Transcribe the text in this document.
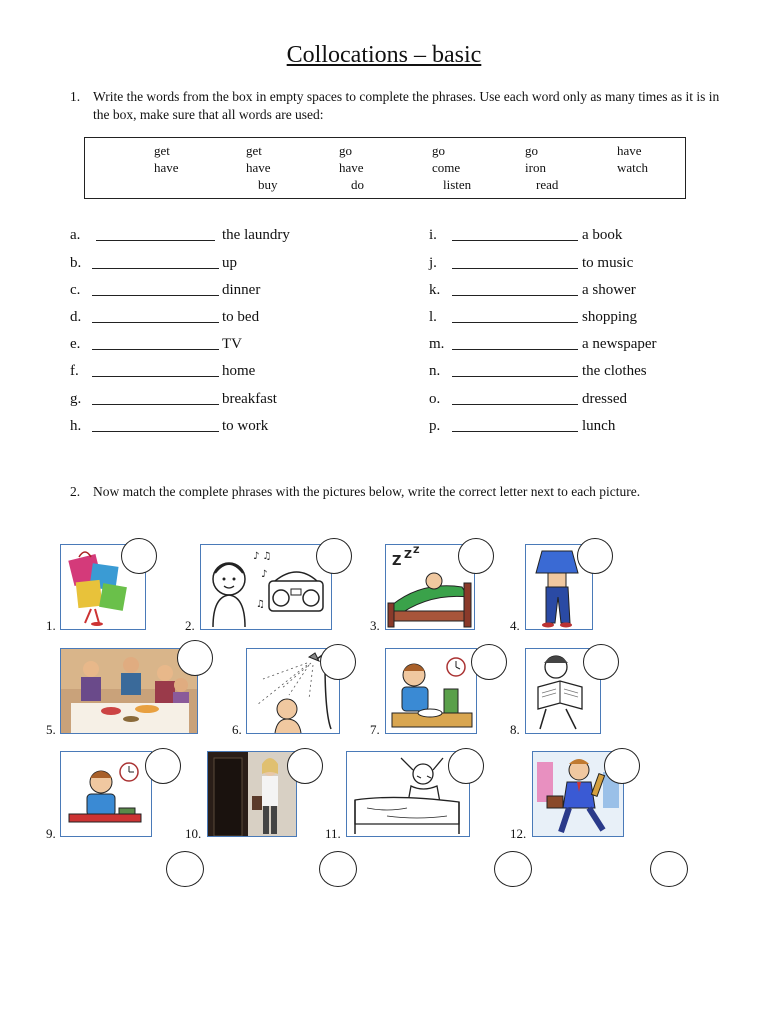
Collocations – basic
1. Write the words from the box in empty spaces to complete the phrases. Use each word only as many times as it is in the box, make sure that all words are used:
get	get	go	go	go	have
have	have	have	come	iron	watch
buy	do	listen	read
a.	the laundry
b.	up
c.	dinner
d.	to bed
e.	TV
f.	home
g.	breakfast
h.	to work
i.	a book
j.	to music
k.	a shower
l.	shopping
m.	a newspaper
n.	the clothes
o.	dressed
p.	lunch
2. Now match the complete phrases with the pictures below, write the correct letter next to each picture.
1.	2.
♪ ♫
♪
♫
3.
Z Z Z
4.
5.	6.	7.	8.
9.	10.	11.	12.
